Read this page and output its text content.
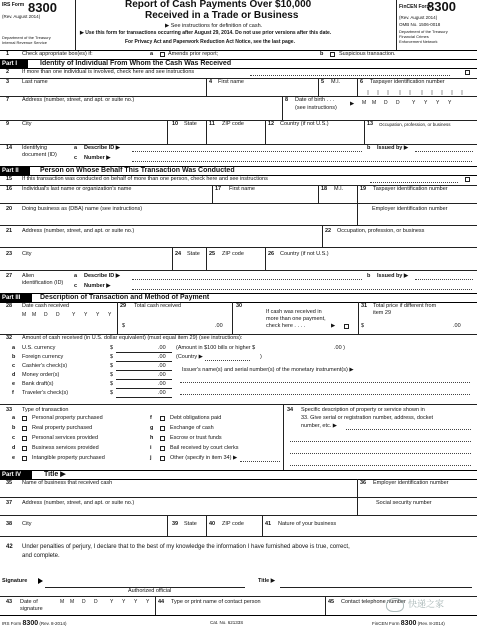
IRS Form 8300
(Rev. August 2014)
Department of the Treasury
Internal Revenue Service
Report of Cash Payments Over $10,000
Received in a Trade or Business
▶ See instructions for definition of cash.
▶ Use this form for transactions occurring after August 29, 2014. Do not use prior versions after this date.
For Privacy Act and Paperwork Reduction Act Notice, see the last page.
FinCEN Form
8300
(Rev. August 2014)
OMB No. 1506-0018
Department of the Treasury
Financial Crimes
Enforcement Network
1 Check appropriate box(es) if:	a	Amends prior report;	b	Suspicious transaction.
Part I	Identity of Individual From Whom the Cash Was Received
2 If more than one individual is involved, check here and see instructions
3 Last name	4 First name	5 M.I.	6 Taxpayer identification number
7 Address (number, street, and apt. or suite no.)	8 Date of birth . . .
(see instructions)
▶ M M D D Y Y Y Y
9 City	10 State 11 ZIP code	12 Country (if not U.S.)	13 Occupation, profession, or business
14 Identifying
document (ID)
a Describe ID ▶
c Number ▶
b Issued by ▶
Part II	Person on Whose Behalf This Transaction Was Conducted
15 If this transaction was conducted on behalf of more than one person, check here and see instructions
16 Individual's last name or organization's name	17 First name	18 M.I.	19 Taxpayer identification number
20 Doing business as (DBA) name (see instructions)	Employer identification number
21 Address (number, street, and apt. or suite no.)	22 Occupation, profession, or business
23 City	24 State 25 ZIP code	26 Country (if not U.S.)
27 Alien
identification (ID)
a Describe ID ▶
c Number ▶
b Issued by ▶
Part III	Description of Transaction and Method of Payment
28 Date cash received
M M D D Y Y Y Y
29 Total cash received
$	.00
30
If cash was received in
more than one payment,
check here . . . .	▶
31 Total price if different from
item 29
$	.00
32 Amount of cash received (in U.S. dollar equivalent) (must equal item 29) (see instructions):
a U.S. currency	$	.00
b Foreign currency	$	.00
c Cashier's check(s)	$	.00
d Money order(s)	$	.00
e Bank draft(s)	$	.00
f Traveler's check(s)	$	.00
(Amount in $100 bills or higher $	.00 )
(Country ▶	)
Issuer's name(s) and serial number(s) of the monetary instrument(s) ▶
33 Type of transaction
a	Personal property purchased
b	Real property purchased
c	Personal services provided
d	Business services provided
e	Intangible property purchased
f	Debt obligations paid
g	Exchange of cash
h	Escrow or trust funds
i	Bail received by court clerks
j	Other (specify in item 34) ▶
34 Specific description of property or service shown in
33. Give serial or registration number, address, docket
number, etc. ▶
Part IV	Title ▶
35 Name of business that received cash	36 Employer identification number
37 Address (number, street, and apt. or suite no.)	Social security number
38 City	39 State 40 ZIP code	41 Nature of your business
42 Under penalties of perjury, I declare that to the best of my knowledge the information I have furnished above is true, correct,
and complete.
Signature
Authorized official
Title ▶
43 Date of
signature
M M D D Y Y Y Y 44 Type or print name of contact person	45 Contact telephone number
IRS Form 8300 (Rev. 8-2014)	Cat. No. 62133S	FinCEN Form 8300 (Rev. 8-2014)
快递之家
